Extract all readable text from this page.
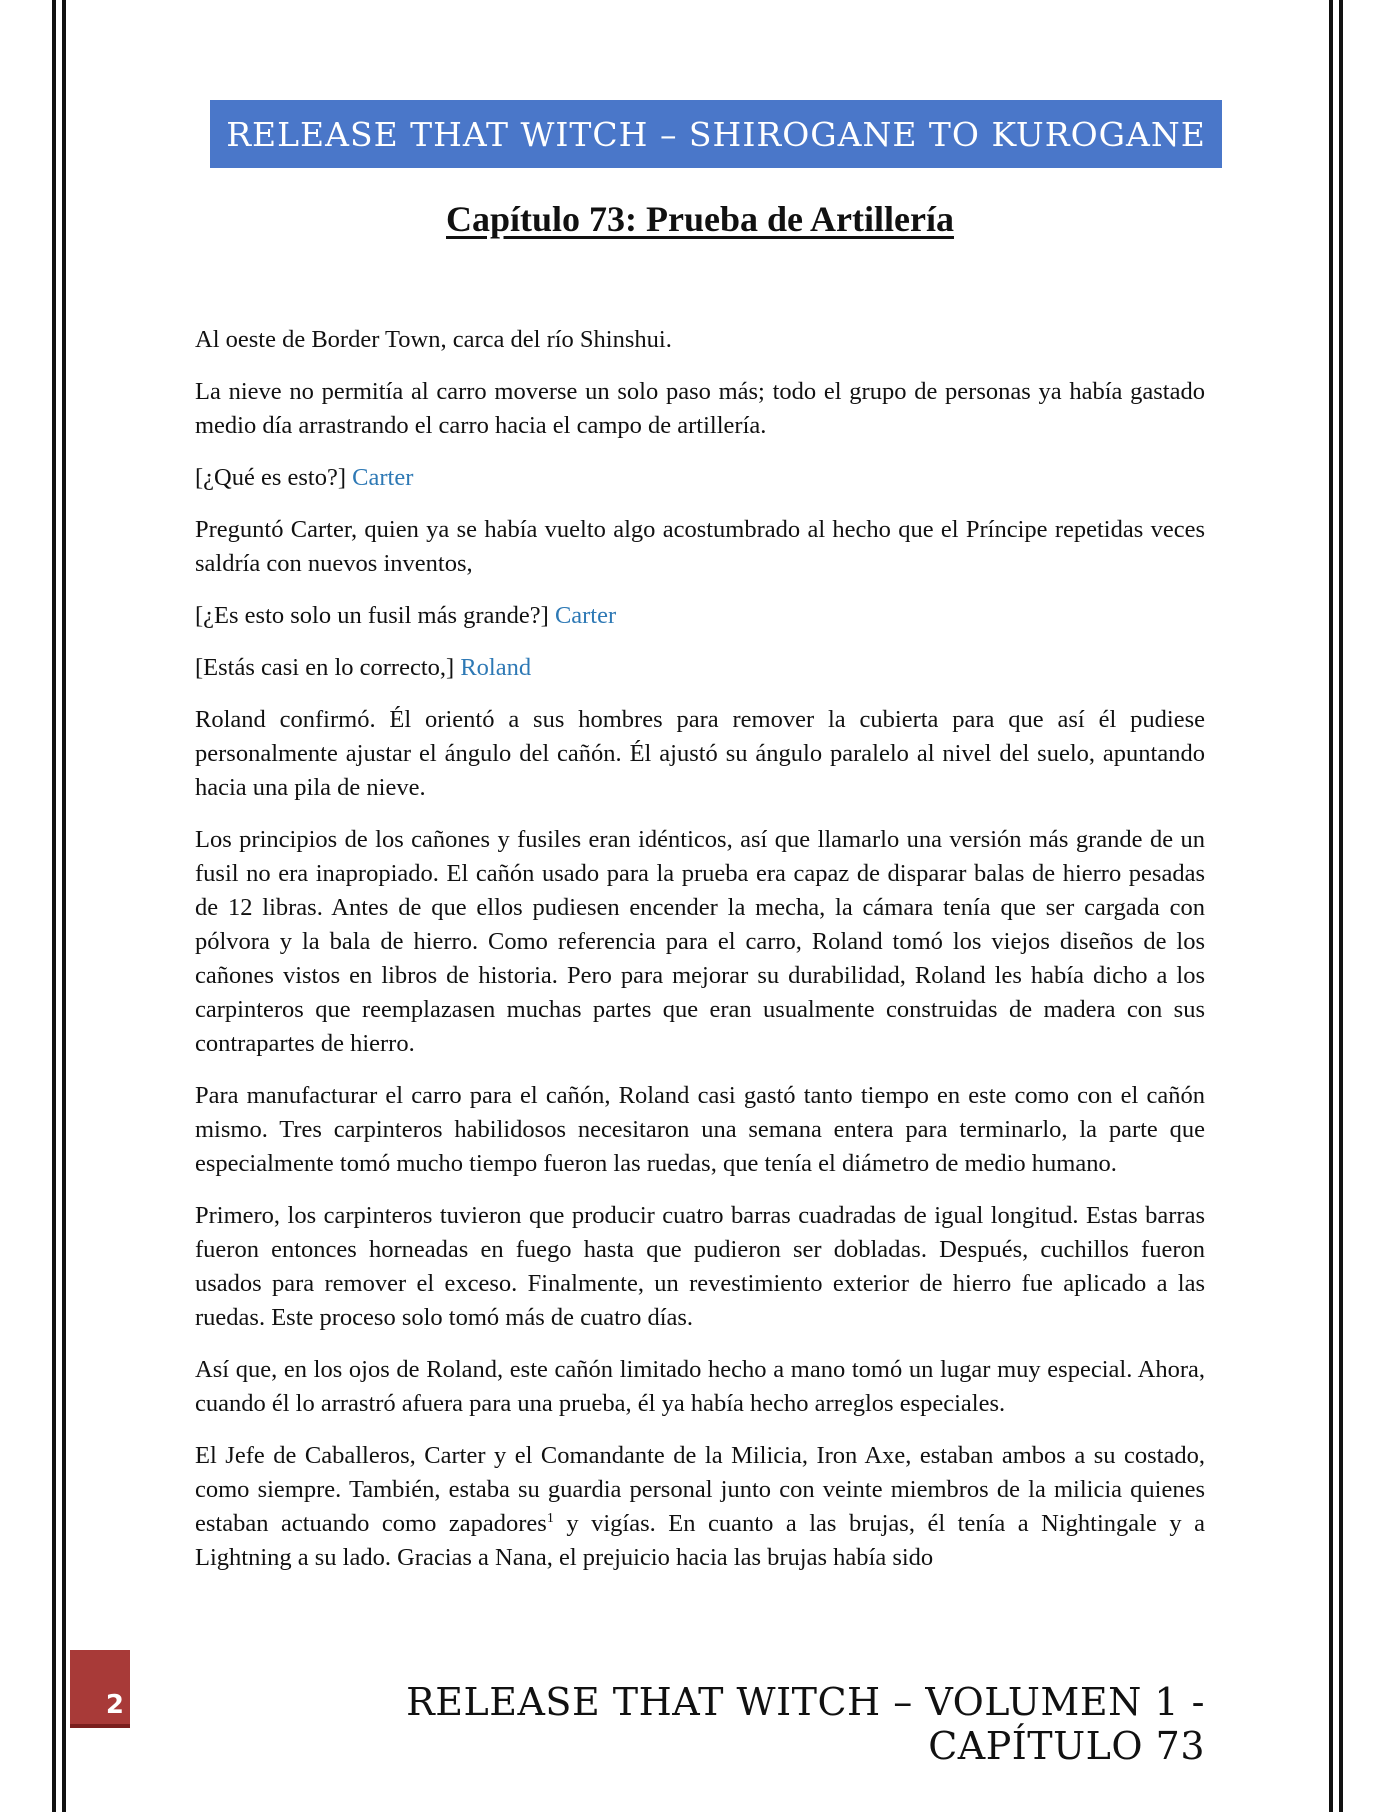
RELEASE THAT WITCH – SHIROGANE TO KUROGANE
Capítulo 73: Prueba de Artillería

Al oeste de Border Town, carca del río Shinshui.

La nieve no permitía al carro moverse un solo paso más; todo el grupo de personas ya había gastado medio día arrastrando el carro hacia el campo de artillería.

[¿Qué es esto?] Carter

Preguntó Carter, quien ya se había vuelto algo acostumbrado al hecho que el Príncipe repetidas veces saldría con nuevos inventos,

[¿Es esto solo un fusil más grande?] Carter

[Estás casi en lo correcto,] Roland

Roland confirmó. Él orientó a sus hombres para remover la cubierta para que así él pudiese personalmente ajustar el ángulo del cañón. Él ajustó su ángulo paralelo al nivel del suelo, apuntando hacia una pila de nieve.

Los principios de los cañones y fusiles eran idénticos, así que llamarlo una versión más grande de un fusil no era inapropiado. El cañón usado para la prueba era capaz de disparar balas de hierro pesadas de 12 libras. Antes de que ellos pudiesen encender la mecha, la cámara tenía que ser cargada con pólvora y la bala de hierro. Como referencia para el carro, Roland tomó los viejos diseños de los cañones vistos en libros de historia. Pero para mejorar su durabilidad, Roland les había dicho a los carpinteros que reemplazasen muchas partes que eran usualmente construidas de madera con sus contrapartes de hierro.

Para manufacturar el carro para el cañón, Roland casi gastó tanto tiempo en este como con el cañón mismo. Tres carpinteros habilidosos necesitaron una semana entera para terminarlo, la parte que especialmente tomó mucho tiempo fueron las ruedas, que tenía el diámetro de medio humano.

Primero, los carpinteros tuvieron que producir cuatro barras cuadradas de igual longitud. Estas barras fueron entonces horneadas en fuego hasta que pudieron ser dobladas. Después, cuchillos fueron usados para remover el exceso. Finalmente, un revestimiento exterior de hierro fue aplicado a las ruedas. Este proceso solo tomó más de cuatro días.

Así que, en los ojos de Roland, este cañón limitado hecho a mano tomó un lugar muy especial. Ahora, cuando él lo arrastró afuera para una prueba, él ya había hecho arreglos especiales.

El Jefe de Caballeros, Carter y el Comandante de la Milicia, Iron Axe, estaban ambos a su costado, como siempre. También, estaba su guardia personal junto con veinte miembros de la milicia quienes estaban actuando como zapadores$^1$ y vigías. En cuanto a las brujas, él tenía a Nightingale y a Lightning a su lado. Gracias a Nana, el prejuicio hacia las brujas había sido

2	RELEASE THAT WITCH – VOLUMEN 1 - CAPÍTULO 73
